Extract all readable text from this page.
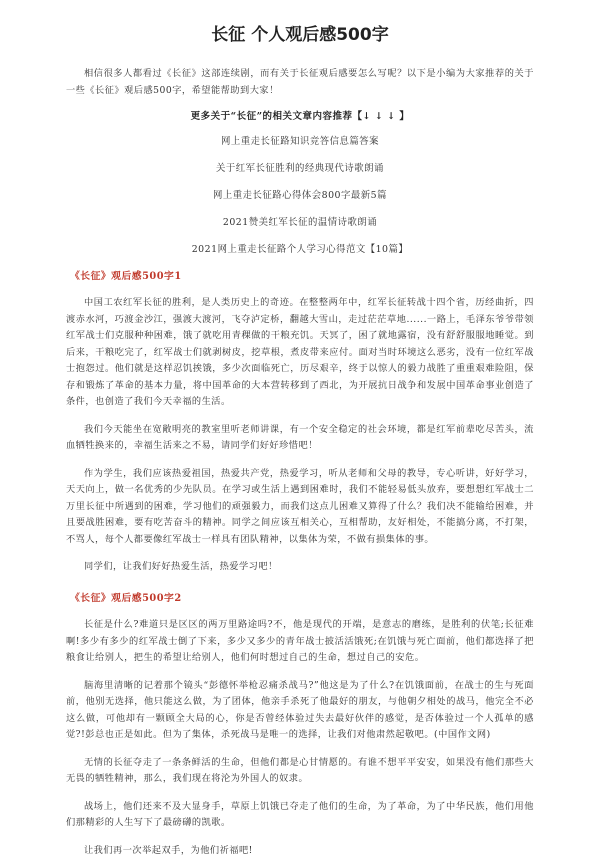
长征 个人观后感500字

相信很多人都看过《长征》这部连续剧，而有关于长征观后感要怎么写呢？以下是小编为大家推荐的关于一些《长征》观后感500字，希望能帮助到大家！

更多关于“长征”的相关文章内容推荐【↓ ↓ ↓ 】

网上重走长征路知识竞答信息篇答案
关于红军长征胜利的经典现代诗歌朗诵
网上重走长征路心得体会800字最新5篇
2021赞美红军长征的温情诗歌朗诵
2021网上重走长征路个人学习心得范文【10篇】

《长征》观后感500字1

中国工农红军长征的胜利，是人类历史上的奇迹。在整整两年中，红军长征转战十四个省，历经曲折，四渡赤水河，巧渡金沙江，强渡大渡河，飞夺泸定桥，翻越大雪山，走过茫茫草地......一路上，毛泽东爷爷带领红军战士们克服种种困难，饿了就吃用青稞做的干粮充饥。天冥了，困了就地露宿，没有舒舒服服地睡觉。到后来，干粮吃完了，红军战士们就剥树皮，挖草根，煮皮带来应付。面对当时环境这么恶劣，没有一位红军战士抱怨过。他们就是这样忍饥挨饿，多少次面临死亡，历尽艰辛，终于以惊人的毅力战胜了重重艰难险阻，保存和锻炼了革命的基本力量，将中国革命的大本营转移到了西北，为开展抗日战争和发展中国革命事业创造了条件，也创造了我们今天幸福的生活。

我们今天能坐在宽敞明亮的教室里听老师讲课，有一个安全稳定的社会环境，都是红军前辈吃尽苦头，流血牺牲换来的，幸福生活来之不易，请同学们好好珍惜吧！

作为学生，我们应该热爱祖国，热爱共产党，热爱学习，听从老师和父母的教导，专心听讲，好好学习，天天向上，做一名优秀的少先队员。在学习或生活上遇到困难时，我们不能轻易低头放弃，要想想红军战士二万里长征中所遇到的困难，学习他们的顽强毅力，而我们这点儿困难又算得了什么？我们决不能输给困难，并且要战胜困难，要有吃苦奋斗的精神。同学之间应该互相关心，互相帮助，友好相处，不能搞分离，不打架，不骂人，每个人都要像红军战士一样具有团队精神，以集体为荣，不做有损集体的事。

同学们，让我们好好热爱生活，热爱学习吧！

《长征》观后感500字2

长征是什么?难道只是区区的两万里路途吗?不，他是现代的开端，是意志的磨练，是胜利的伏笔;长征难啊!多少有多少的红军战士倒了下来，多少又多少的青年战士披活活饿死;在饥饿与死亡面前，他们都选择了把粮食让给别人，把生的希望让给别人，他们何时想过自己的生命，想过自己的安危。

脑海里清晰的记着那个镜头“彭德怀举枪忍痛杀战马?”他这是为了什么?在饥饿面前，在战士的生与死面前，他别无选择，他只能这么做，为了团体，他亲手杀死了他最好的朋友，与他朝夕相处的战马，他完全不必这么做，可他却有一颗顾全大局的心，你是否曾经体验过失去最好伙伴的感觉，是否体验过一个人孤单的感觉?!彭总也正是如此。但为了集体，杀死战马是唯一的选择，让我们对他肃然起敬吧。(中国作文网)

无情的长征夺走了一条条鲜活的生命，但他们都是心甘情愿的。有谁不想平平安安，如果没有他们那些大无畏的牺牲精神，那么，我们现在将沦为外国人的奴隶。

战场上，他们还来不及大显身手，草原上饥饿已夺走了他们的生命，为了革命，为了中华民族，他们用他们那精彩的人生写下了最磅礴的凯歌。

让我们再一次举起双手，为他们祈福吧!
